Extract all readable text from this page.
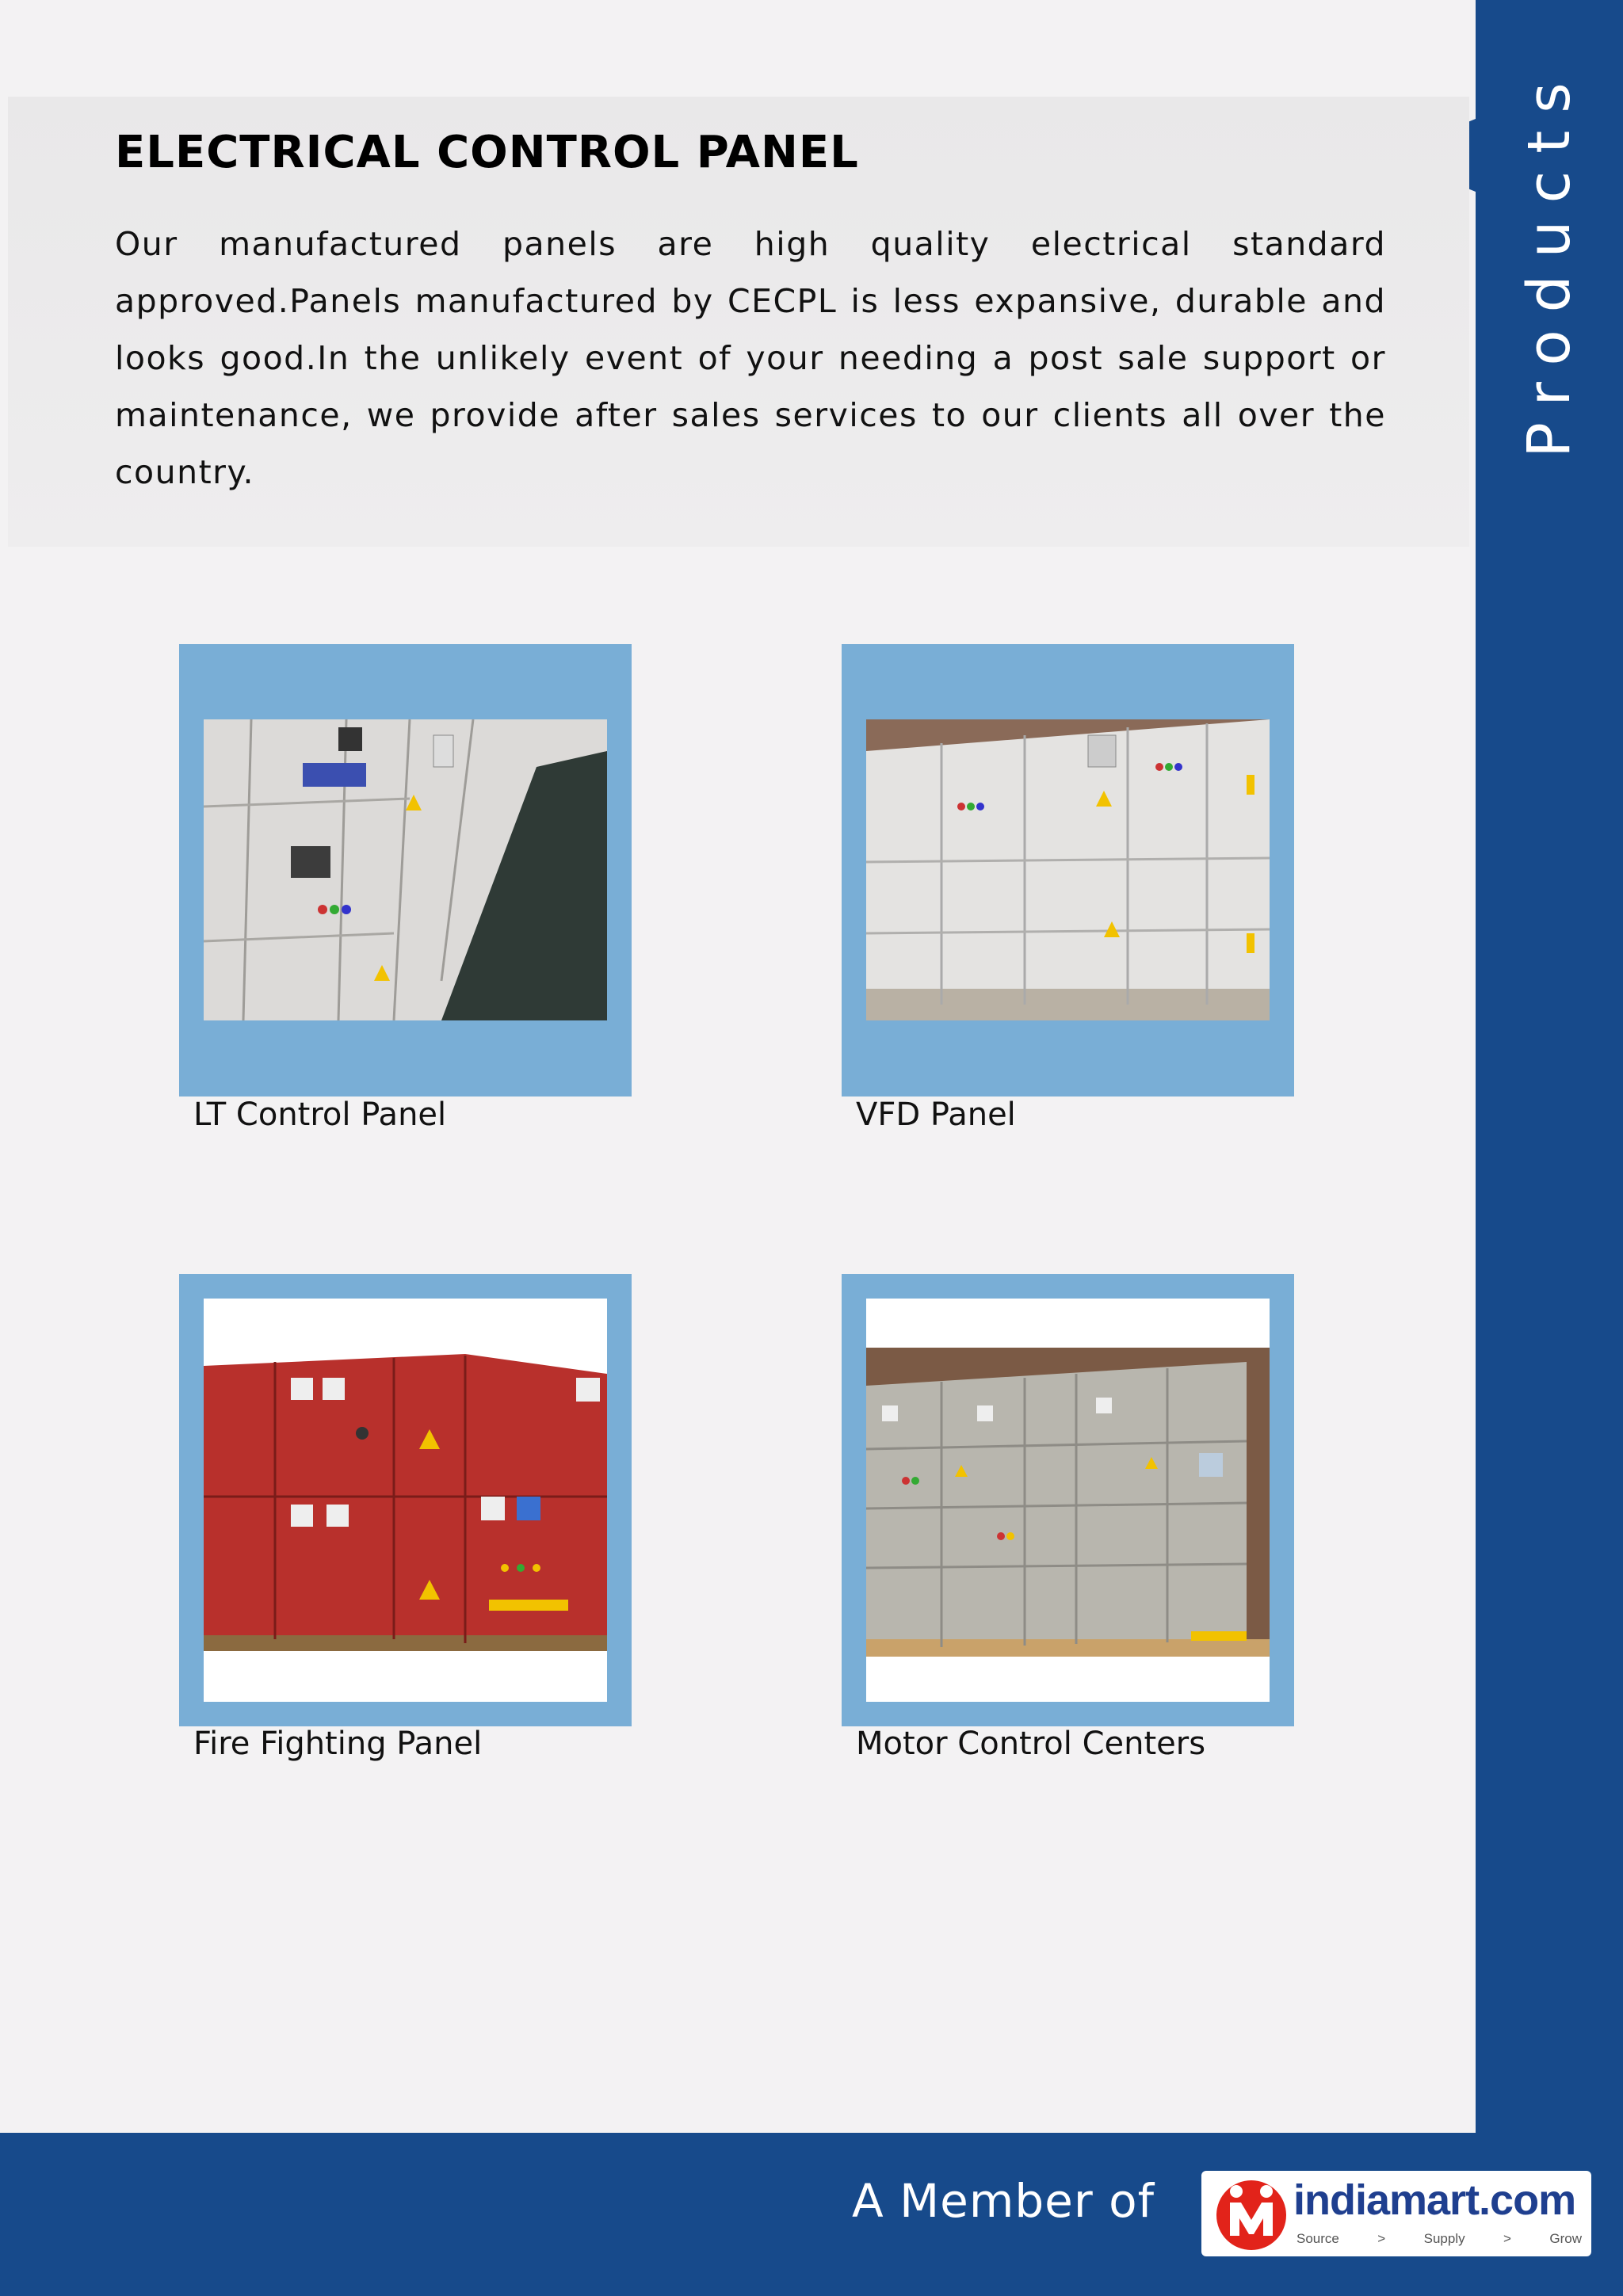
Products
ELECTRICAL CONTROL PANEL

Our manufactured panels are high quality electrical standard approved.Panels manufactured by CECPL is less expansive, durable and looks good.In the unlikely event of your needing a post sale support or maintenance, we provide after sales services to our clients all over the country.

LT Control Panel	VFD Panel

Fire Fighting Panel	Motor Control Centers

A Member of	indiamart.com
Source	>	Supply	>	Grow
